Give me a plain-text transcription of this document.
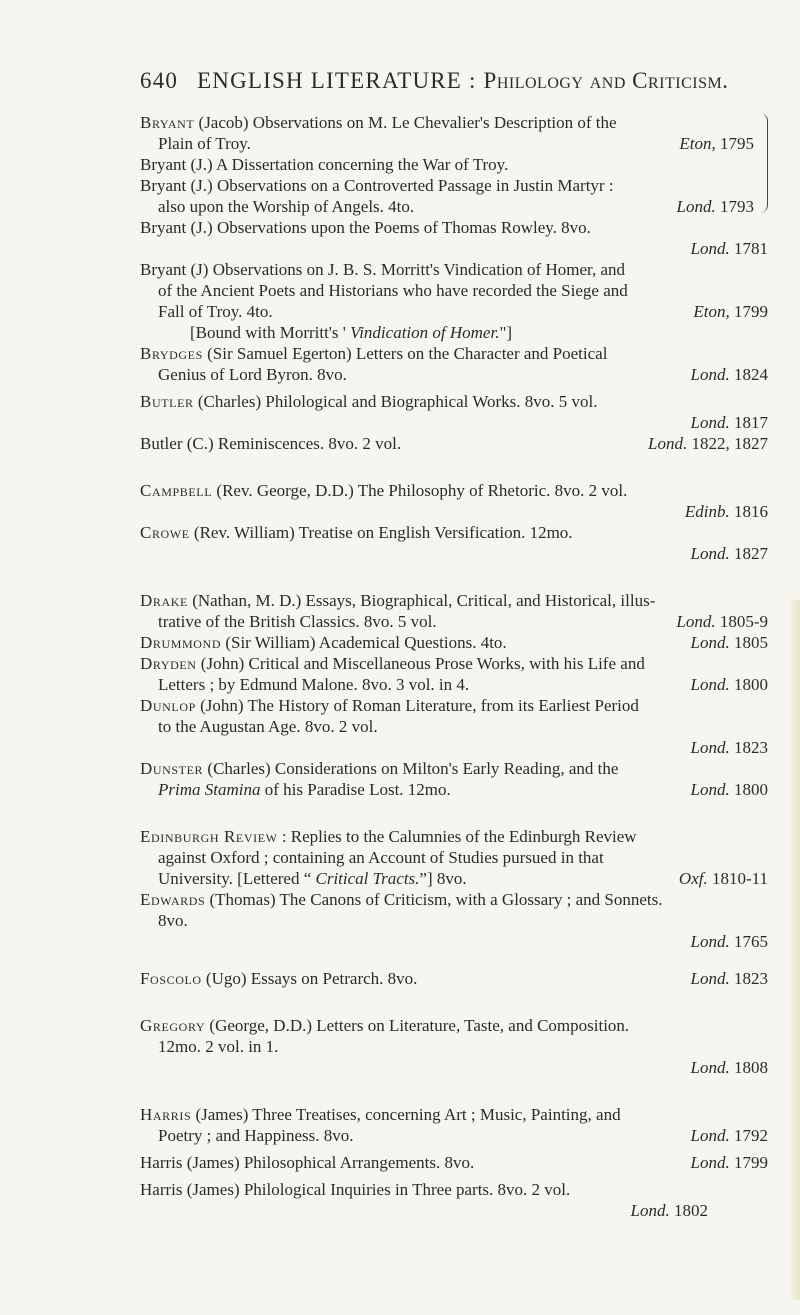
640 ENGLISH LITERATURE : Philology and Criticism.
Bryant (Jacob) Observations on M. Le Chevalier's Description of the
Plain of Troy.	Eton, 1795
Bryant (J.) A Dissertation concerning the War of Troy.
Bryant (J.) Observations on a Controverted Passage in Justin Martyr :
also upon the Worship of Angels. 4to.	Lond. 1793
Bryant (J.) Observations upon the Poems of Thomas Rowley. 8vo.
Lond. 1781
Bryant (J) Observations on J. B. S. Morritt's Vindication of Homer, and
of the Ancient Poets and Historians who have recorded the Siege and
Fall of Troy. 4to.	Eton, 1799
[Bound with Morritt's ' Vindication of Homer."]
Brydges (Sir Samuel Egerton) Letters on the Character and Poetical
Genius of Lord Byron. 8vo.	Lond. 1824
Butler (Charles) Philological and Biographical Works. 8vo. 5 vol.
Lond. 1817
Butler (C.) Reminiscences. 8vo. 2 vol.	Lond. 1822, 1827
Campbell (Rev. George, D.D.) The Philosophy of Rhetoric. 8vo. 2 vol.
Edinb. 1816
Crowe (Rev. William) Treatise on English Versification. 12mo.
Lond. 1827
Drake (Nathan, M. D.) Essays, Biographical, Critical, and Historical, illus-
trative of the British Classics. 8vo. 5 vol.	Lond. 1805-9
Drummond (Sir William) Academical Questions. 4to.	Lond. 1805
Dryden (John) Critical and Miscellaneous Prose Works, with his Life and
Letters ; by Edmund Malone. 8vo. 3 vol. in 4.	Lond. 1800
Dunlop (John) The History of Roman Literature, from its Earliest Period
to the Augustan Age. 8vo. 2 vol.
Lond. 1823
Dunster (Charles) Considerations on Milton's Early Reading, and the
Prima Stamina of his Paradise Lost. 12mo.	Lond. 1800
Edinburgh Review : Replies to the Calumnies of the Edinburgh Review
against Oxford ; containing an Account of Studies pursued in that
University. [Lettered “ Critical Tracts.”] 8vo.	Oxf. 1810-11
Edwards (Thomas) The Canons of Criticism, with a Glossary ; and Sonnets.
8vo.
Lond. 1765
Foscolo (Ugo) Essays on Petrarch. 8vo.	Lond. 1823
Gregory (George, D.D.) Letters on Literature, Taste, and Composition.
12mo. 2 vol. in 1.
Lond. 1808
Harris (James) Three Treatises, concerning Art ; Music, Painting, and
Poetry ; and Happiness. 8vo.	Lond. 1792
Harris (James) Philosophical Arrangements. 8vo.	Lond. 1799
Harris (James) Philological Inquiries in Three parts. 8vo. 2 vol.
Lond. 1802
